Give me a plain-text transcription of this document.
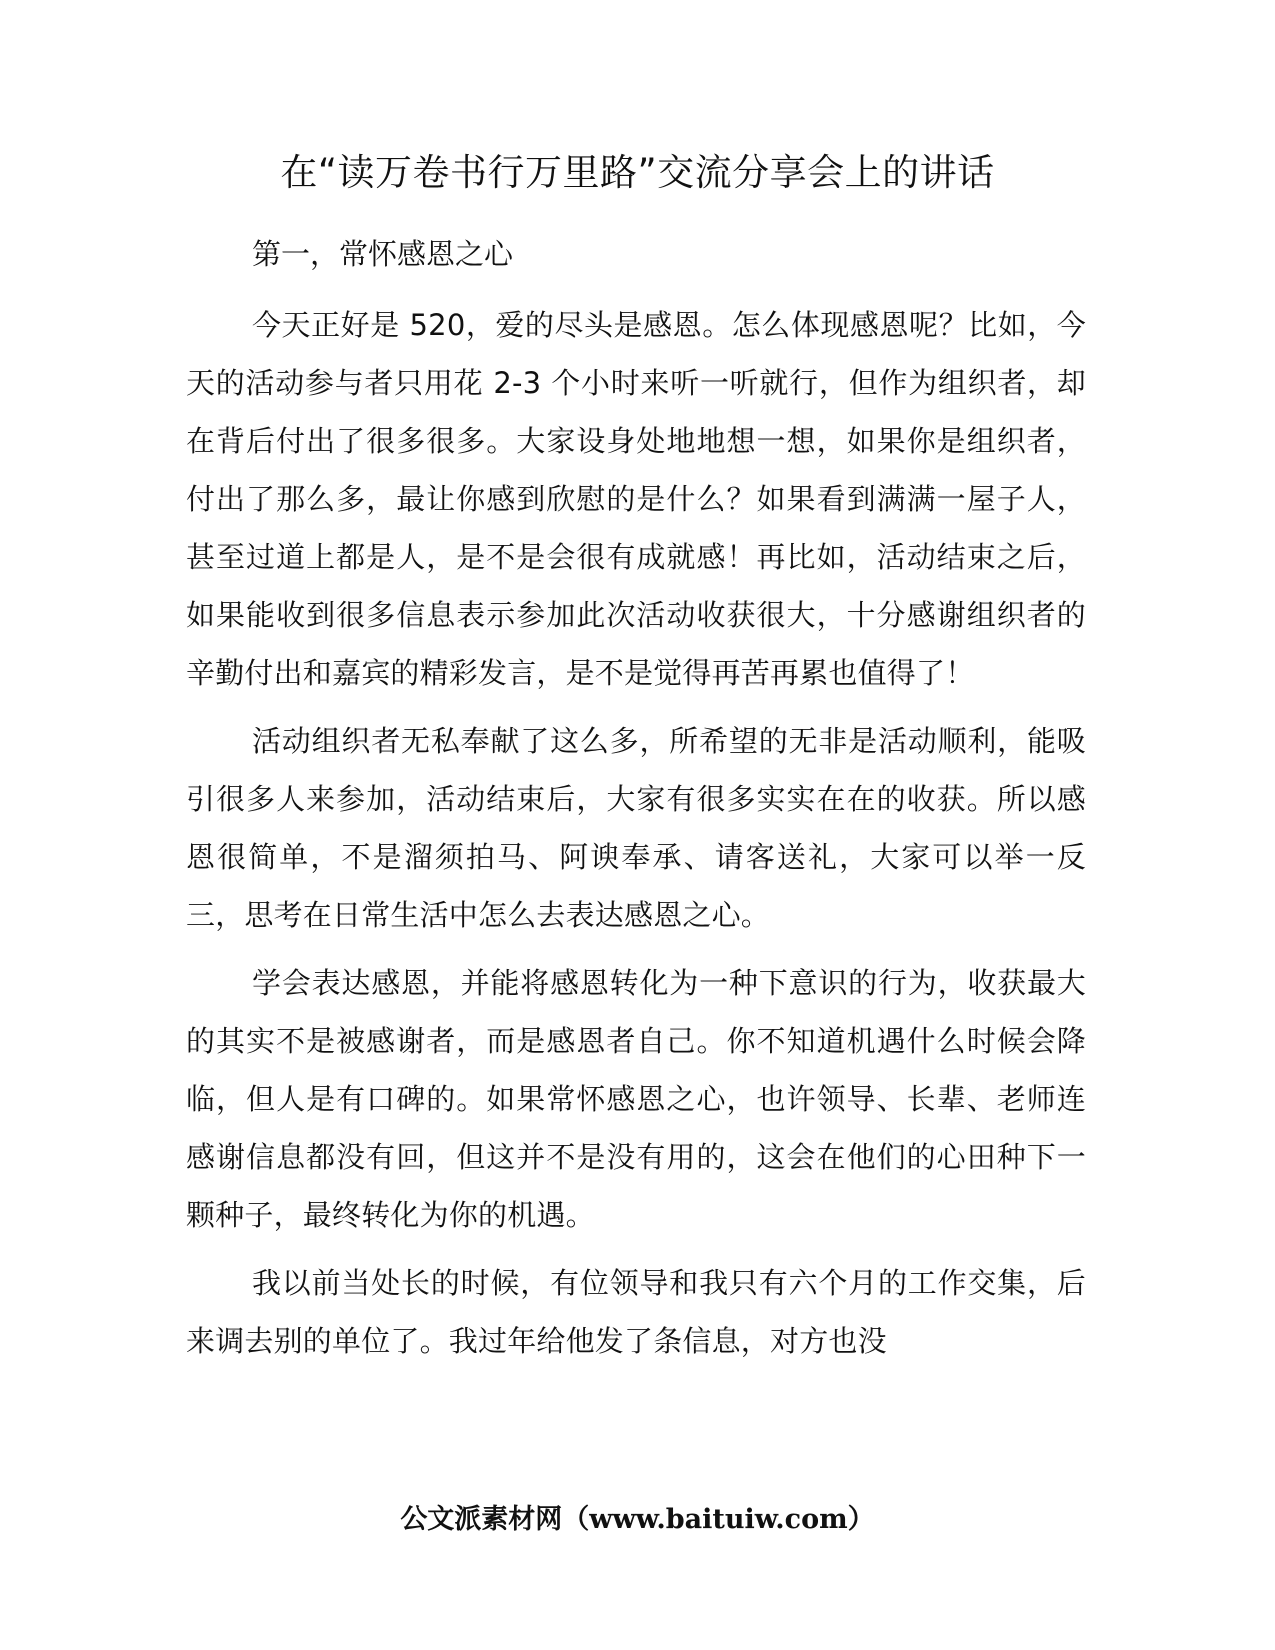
在“读万卷书行万里路”交流分享会上的讲话
第一，常怀感恩之心

今天正好是 520，爱的尽头是感恩。怎么体现感恩呢？比如，今天的活动参与者只用花 2-3 个小时来听一听就行，但作为组织者，却在背后付出了很多很多。大家设身处地地想一想，如果你是组织者，付出了那么多，最让你感到欣慰的是什么？如果看到满满一屋子人，甚至过道上都是人，是不是会很有成就感！再比如，活动结束之后，如果能收到很多信息表示参加此次活动收获很大，十分感谢组织者的辛勤付出和嘉宾的精彩发言，是不是觉得再苦再累也值得了！

活动组织者无私奉献了这么多，所希望的无非是活动顺利，能吸引很多人来参加，活动结束后，大家有很多实实在在的收获。所以感恩很简单，不是溜须拍马、阿谀奉承、请客送礼，大家可以举一反三，思考在日常生活中怎么去表达感恩之心。

学会表达感恩，并能将感恩转化为一种下意识的行为，收获最大的其实不是被感谢者，而是感恩者自己。你不知道机遇什么时候会降临，但人是有口碑的。如果常怀感恩之心，也许领导、长辈、老师连感谢信息都没有回，但这并不是没有用的，这会在他们的心田种下一颗种子，最终转化为你的机遇。

我以前当处长的时候，有位领导和我只有六个月的工作交集，后来调去别的单位了。我过年给他发了条信息，对方也没

公文派素材网（www.baituiw.com）
